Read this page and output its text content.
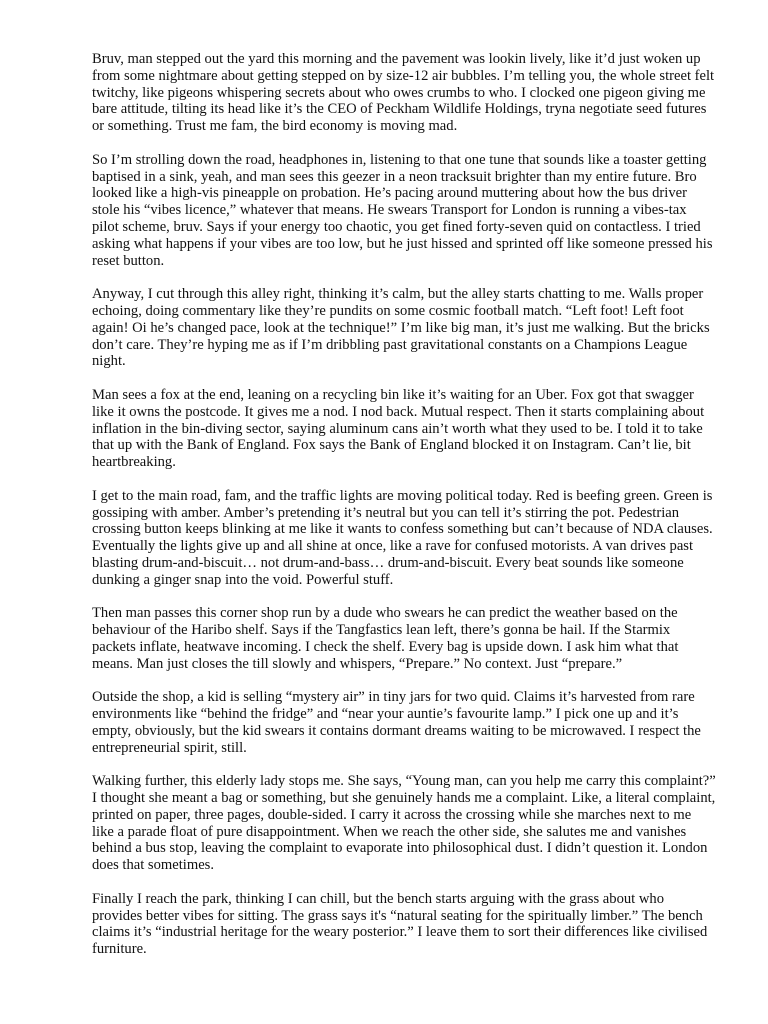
Bruv, man stepped out the yard this morning and the pavement was lookin lively, like it’d just woken up from some nightmare about getting stepped on by size-12 air bubbles. I’m telling you, the whole street felt twitchy, like pigeons whispering secrets about who owes crumbs to who. I clocked one pigeon giving me bare attitude, tilting its head like it’s the CEO of Peckham Wildlife Holdings, tryna negotiate seed futures or something. Trust me fam, the bird economy is moving mad.

So I’m strolling down the road, headphones in, listening to that one tune that sounds like a toaster getting baptised in a sink, yeah, and man sees this geezer in a neon tracksuit brighter than my entire future. Bro looked like a high-vis pineapple on probation. He’s pacing around muttering about how the bus driver stole his “vibes licence,” whatever that means. He swears Transport for London is running a vibes-tax pilot scheme, bruv. Says if your energy too chaotic, you get fined forty-seven quid on contactless. I tried asking what happens if your vibes are too low, but he just hissed and sprinted off like someone pressed his reset button.

Anyway, I cut through this alley right, thinking it’s calm, but the alley starts chatting to me. Walls proper echoing, doing commentary like they’re pundits on some cosmic football match. “Left foot! Left foot again! Oi he’s changed pace, look at the technique!” I’m like big man, it’s just me walking. But the bricks don’t care. They’re hyping me as if I’m dribbling past gravitational constants on a Champions League night.

Man sees a fox at the end, leaning on a recycling bin like it’s waiting for an Uber. Fox got that swagger like it owns the postcode. It gives me a nod. I nod back. Mutual respect. Then it starts complaining about inflation in the bin-diving sector, saying aluminum cans ain’t worth what they used to be. I told it to take that up with the Bank of England. Fox says the Bank of England blocked it on Instagram. Can’t lie, bit heartbreaking.

I get to the main road, fam, and the traffic lights are moving political today. Red is beefing green. Green is gossiping with amber. Amber’s pretending it’s neutral but you can tell it’s stirring the pot. Pedestrian crossing button keeps blinking at me like it wants to confess something but can’t because of NDA clauses. Eventually the lights give up and all shine at once, like a rave for confused motorists. A van drives past blasting drum-and-biscuit… not drum-and-bass… drum-and-biscuit. Every beat sounds like someone dunking a ginger snap into the void. Powerful stuff.

Then man passes this corner shop run by a dude who swears he can predict the weather based on the behaviour of the Haribo shelf. Says if the Tangfastics lean left, there’s gonna be hail. If the Starmix packets inflate, heatwave incoming. I check the shelf. Every bag is upside down. I ask him what that means. Man just closes the till slowly and whispers, “Prepare.” No context. Just “prepare.”

Outside the shop, a kid is selling “mystery air” in tiny jars for two quid. Claims it’s harvested from rare environments like “behind the fridge” and “near your auntie’s favourite lamp.” I pick one up and it’s empty, obviously, but the kid swears it contains dormant dreams waiting to be microwaved. I respect the entrepreneurial spirit, still.

Walking further, this elderly lady stops me. She says, “Young man, can you help me carry this complaint?” I thought she meant a bag or something, but she genuinely hands me a complaint. Like, a literal complaint, printed on paper, three pages, double-sided. I carry it across the crossing while she marches next to me like a parade float of pure disappointment. When we reach the other side, she salutes me and vanishes behind a bus stop, leaving the complaint to evaporate into philosophical dust. I didn’t question it. London does that sometimes.

Finally I reach the park, thinking I can chill, but the bench starts arguing with the grass about who provides better vibes for sitting. The grass says it's “natural seating for the spiritually limber.” The bench claims it’s “industrial heritage for the weary posterior.” I leave them to sort their differences like civilised furniture.
